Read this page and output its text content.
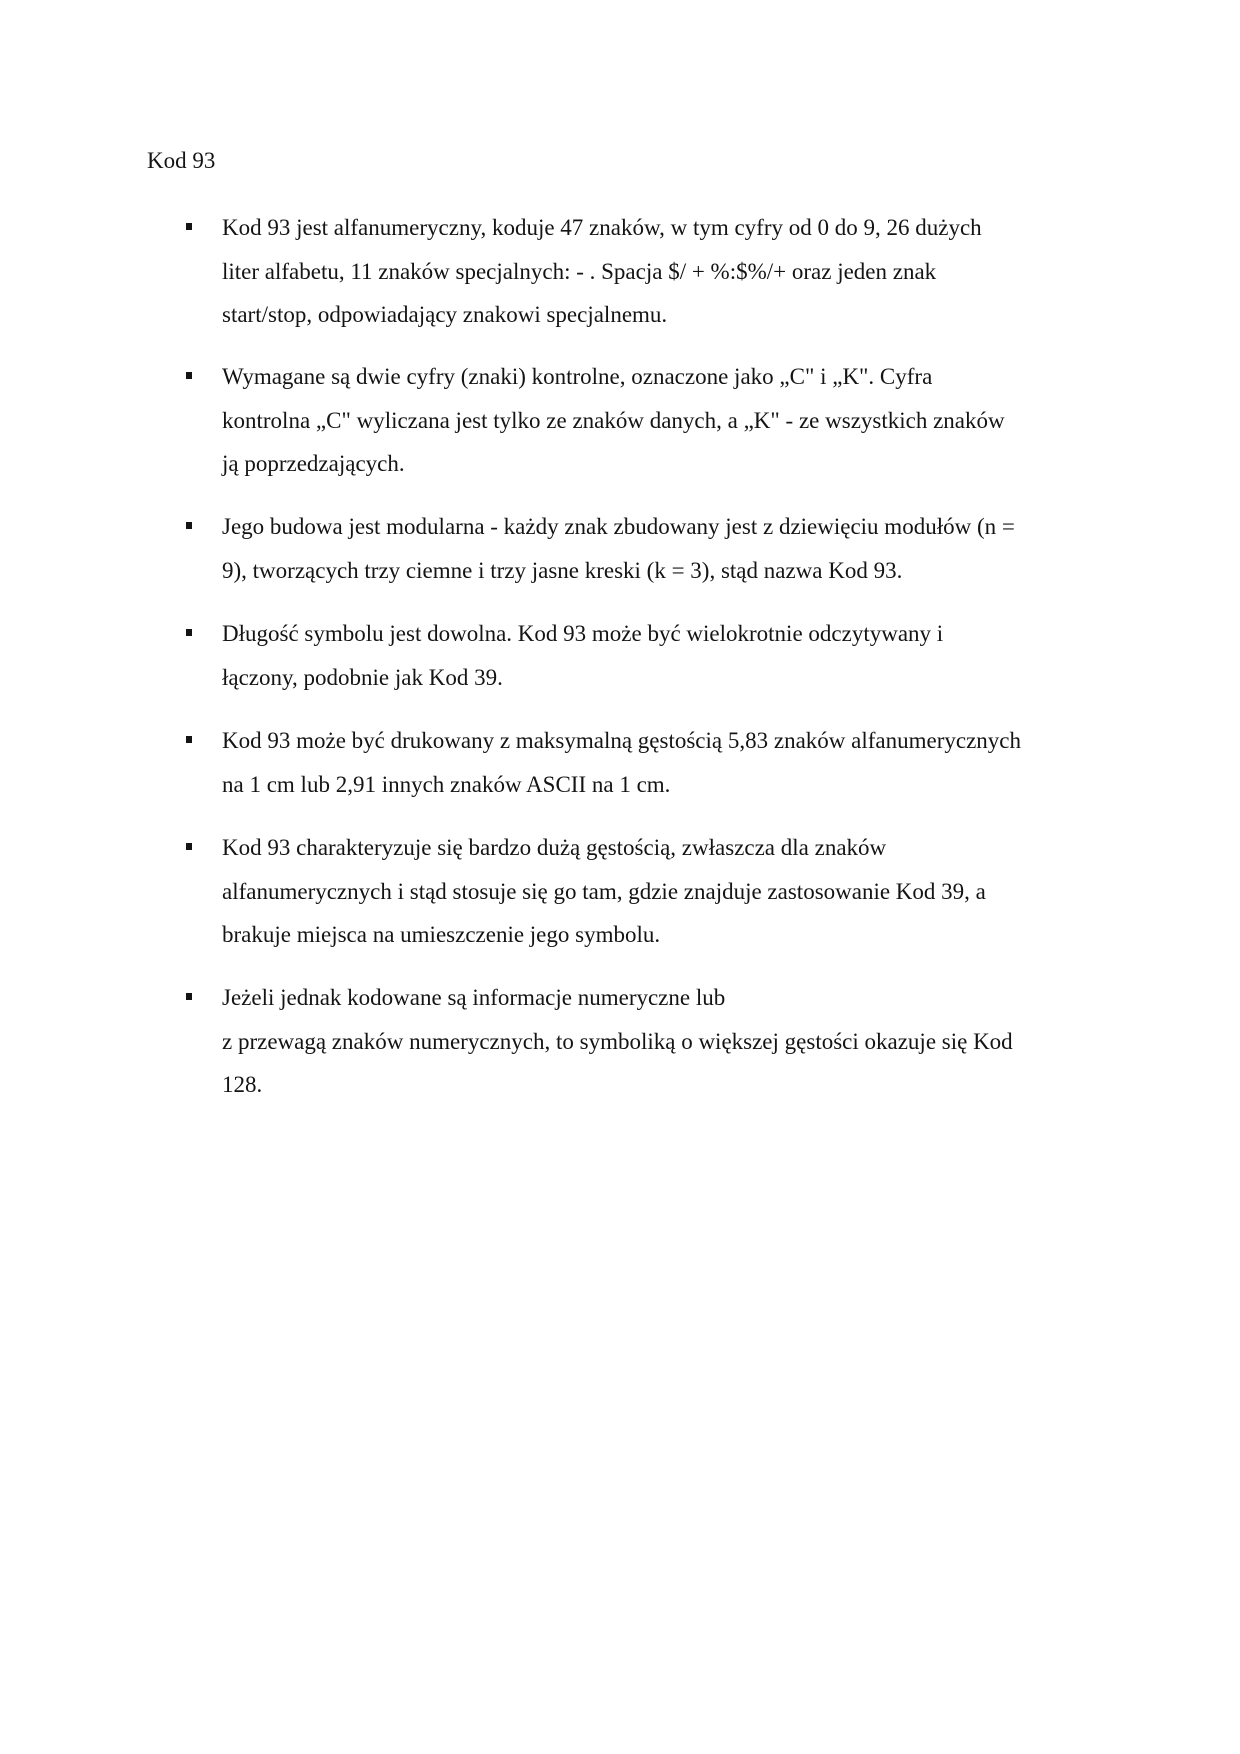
Kod 93
Kod 93 jest alfanumeryczny, koduje 47 znaków, w tym cyfry od 0 do 9, 26 dużych
liter alfabetu, 11 znaków specjalnych: - . Spacja $/ + %:$%/+ oraz jeden znak
start/stop, odpowiadający znakowi specjalnemu.
Wymagane są dwie cyfry (znaki) kontrolne, oznaczone jako „C" i „K". Cyfra
kontrolna „C" wyliczana jest tylko ze znaków danych, a „K" - ze wszystkich znaków
ją poprzedzających.
Jego budowa jest modularna - każdy znak zbudowany jest z dziewięciu modułów (n =
9), tworzących trzy ciemne i trzy jasne kreski (k = 3), stąd nazwa Kod 93.
Długość symbolu jest dowolna. Kod 93 może być wielokrotnie odczytywany i
łączony, podobnie jak Kod 39.
Kod 93 może być drukowany z maksymalną gęstością 5,83 znaków alfanumerycznych
na 1 cm lub 2,91 innych znaków ASCII na 1 cm.
Kod 93 charakteryzuje się bardzo dużą gęstością, zwłaszcza dla znaków
alfanumerycznych i stąd stosuje się go tam, gdzie znajduje zastosowanie Kod 39, a
brakuje miejsca na umieszczenie jego symbolu.
Jeżeli jednak kodowane są informacje numeryczne lub
z przewagą znaków numerycznych, to symboliką o większej gęstości okazuje się Kod
128.
